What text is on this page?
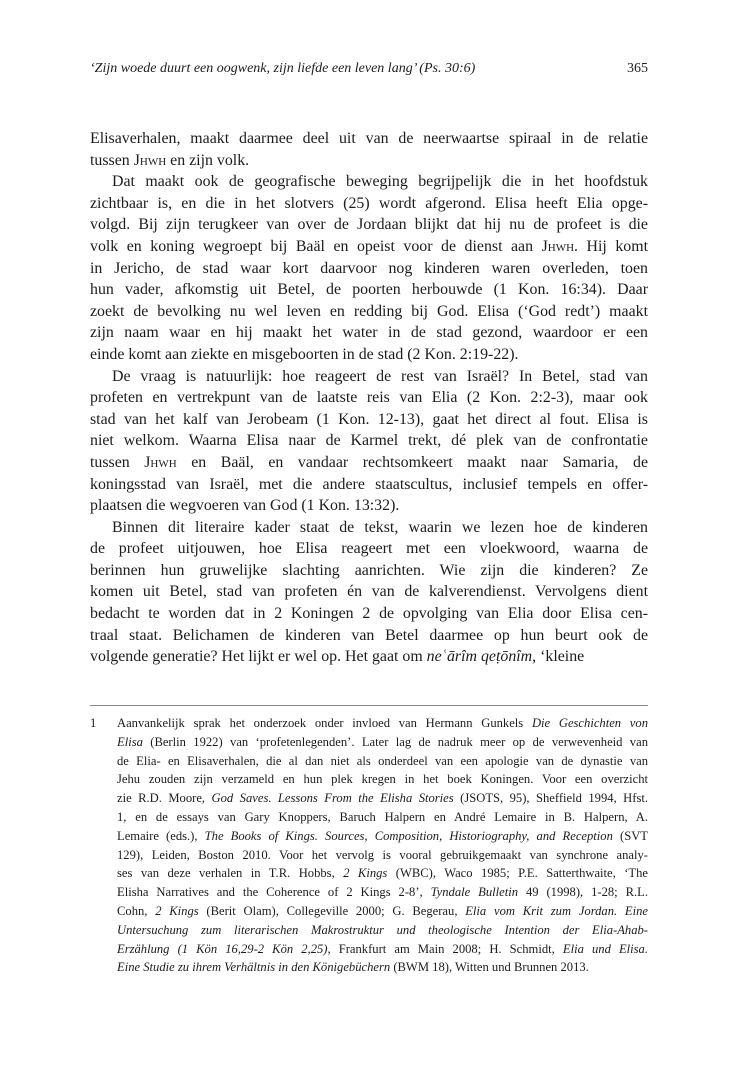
‘Zijn woede duurt een oogwenk, zijn liefde een leven lang’ (Ps. 30:6)	365
Elisaverhalen, maakt daarmee deel uit van de neerwaartse spiraal in de relatie
tussen Jhwh en zijn volk.
Dat maakt ook de geografische beweging begrijpelijk die in het hoofdstuk
zichtbaar is, en die in het slotvers (25) wordt afgerond. Elisa heeft Elia opge-
volgd. Bij zijn terugkeer van over de Jordaan blijkt dat hij nu de profeet is die
volk en koning wegroept bij Baäl en opeist voor de dienst aan Jhwh. Hij komt
in Jericho, de stad waar kort daarvoor nog kinderen waren overleden, toen
hun vader, afkomstig uit Betel, de poorten herbouwde (1 Kon. 16:34). Daar
zoekt de bevolking nu wel leven en redding bij God. Elisa (‘God redt’) maakt
zijn naam waar en hij maakt het water in de stad gezond, waardoor er een
einde komt aan ziekte en misgeboorten in de stad (2 Kon. 2:19-22).
De vraag is natuurlijk: hoe reageert de rest van Israël? In Betel, stad van
profeten en vertrekpunt van de laatste reis van Elia (2 Kon. 2:2-3), maar ook
stad van het kalf van Jerobeam (1 Kon. 12-13), gaat het direct al fout. Elisa is
niet welkom. Waarna Elisa naar de Karmel trekt, dé plek van de confrontatie
tussen Jhwh en Baäl, en vandaar rechtsomkeert maakt naar Samaria, de
koningsstad van Israël, met die andere staatscultus, inclusief tempels en offer-
plaatsen die wegvoeren van God (1 Kon. 13:32).
Binnen dit literaire kader staat de tekst, waarin we lezen hoe de kinderen
de profeet uitjouwen, hoe Elisa reageert met een vloekwoord, waarna de
berinnen hun gruwelijke slachting aanrichten. Wie zijn die kinderen? Ze
komen uit Betel, stad van profeten én van de kalverendienst. Vervolgens dient
bedacht te worden dat in 2 Koningen 2 de opvolging van Elia door Elisa cen-
traal staat. Belichamen de kinderen van Betel daarmee op hun beurt ook de
volgende generatie? Het lijkt er wel op. Het gaat om neʿārîm qeṭōnîm, ‘kleine
1 Aanvankelijk sprak het onderzoek onder invloed van Hermann Gunkels Die Geschichten von
Elisa (Berlin 1922) van ‘profetenlegenden’. Later lag de nadruk meer op de verwevenheid van
de Elia- en Elisaverhalen, die al dan niet als onderdeel van een apologie van de dynastie van
Jehu zouden zijn verzameld en hun plek kregen in het boek Koningen. Voor een overzicht
zie R.D. Moore, God Saves. Lessons From the Elisha Stories (JSOTS, 95), Sheffield 1994, Hfst.
1, en de essays van Gary Knoppers, Baruch Halpern en André Lemaire in B. Halpern, A.
Lemaire (eds.), The Books of Kings. Sources, Composition, Historiography, and Reception (SVT
129), Leiden, Boston 2010. Voor het vervolg is vooral gebruikgemaakt van synchrone analy-
ses van deze verhalen in T.R. Hobbs, 2 Kings (WBC), Waco 1985; P.E. Satterthwaite, ‘The
Elisha Narratives and the Coherence of 2 Kings 2-8’, Tyndale Bulletin 49 (1998), 1-28; R.L.
Cohn, 2 Kings (Berit Olam), Collegeville 2000; G. Begerau, Elia vom Krit zum Jordan. Eine
Untersuchung zum literarischen Makrostruktur und theologische Intention der Elia-Ahab-
Erzählung (1 Kön 16,29-2 Kön 2,25), Frankfurt am Main 2008; H. Schmidt, Elia und Elisa.
Eine Studie zu ihrem Verhältnis in den Königebüchern (BWM 18), Witten und Brunnen 2013.
